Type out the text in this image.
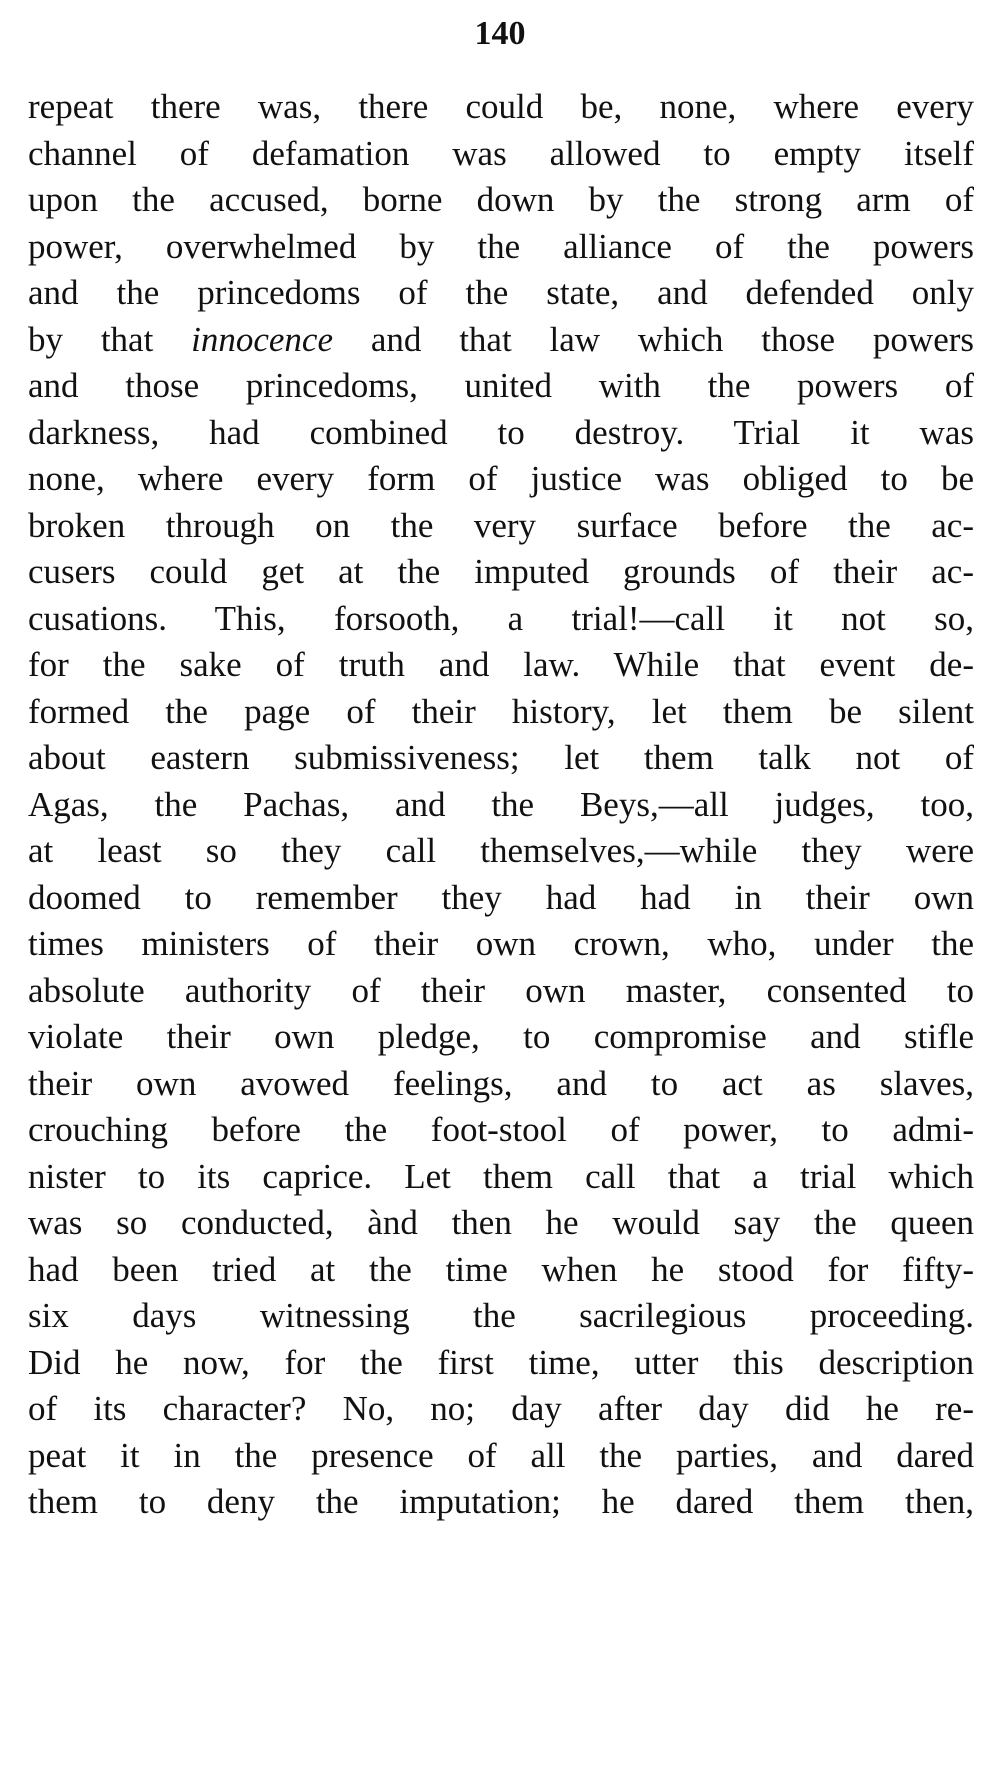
140
repeat there was, there could be, none, where every
channel of defamation was allowed to empty itself
upon the accused, borne down by the strong arm of
power, overwhelmed by the alliance of the powers
and the princedoms of the state, and defended only
by that innocence and that law which those powers
and those princedoms, united with the powers of
darkness, had combined to destroy. Trial it was
none, where every form of justice was obliged to be
broken through on the very surface before the ac-
cusers could get at the imputed grounds of their ac-
cusations. This, forsooth, a trial!—call it not so,
for the sake of truth and law. While that event de-
formed the page of their history, let them be silent
about eastern submissiveness; let them talk not of
Agas, the Pachas, and the Beys,—all judges, too,
at least so they call themselves,—while they were
doomed to remember they had had in their own
times ministers of their own crown, who, under the
absolute authority of their own master, consented to
violate their own pledge, to compromise and stifle
their own avowed feelings, and to act as slaves,
crouching before the foot-stool of power, to admi-
nister to its caprice. Let them call that a trial which
was so conducted, ànd then he would say the queen
had been tried at the time when he stood for fifty-
six days witnessing the sacrilegious proceeding.
Did he now, for the first time, utter this description
of its character? No, no; day after day did he re-
peat it in the presence of all the parties, and dared
them to deny the imputation; he dared them then,
